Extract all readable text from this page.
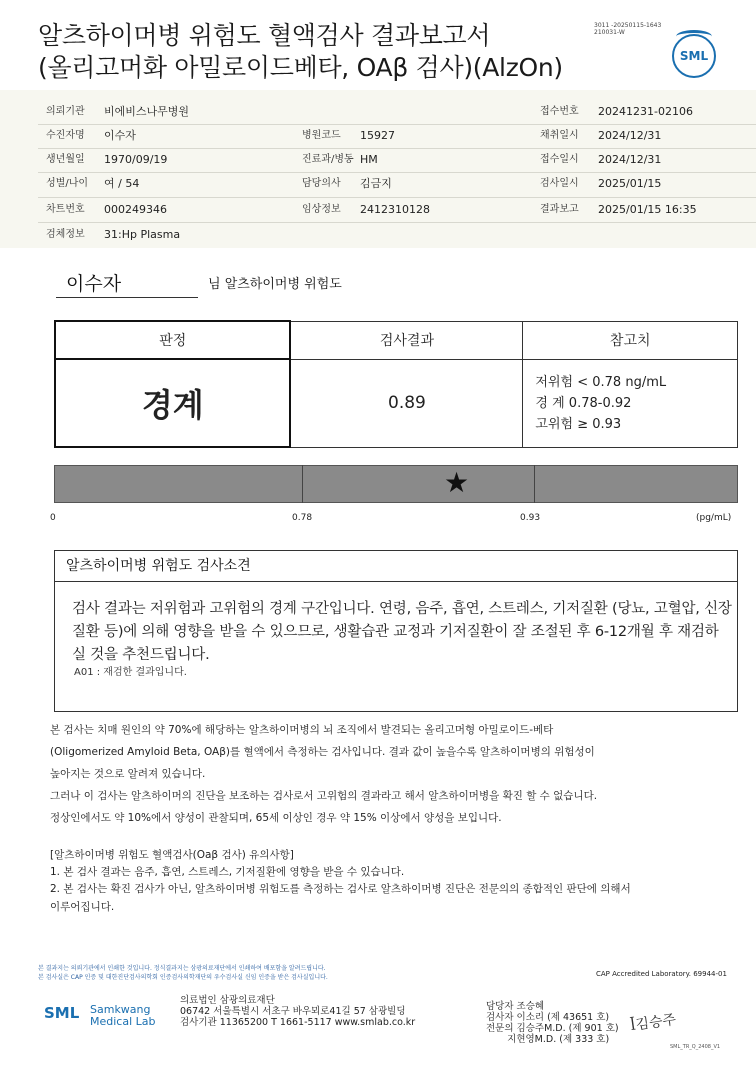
알츠하이머병 위험도 혈액검사 결과보고서
(올리고머화 아밀로이드베타, OAβ 검사)(AlzOn)
3011 -20250115-1643
210031-W
SML
의뢰기관 비에비스나무병원	접수번호 20241231-02106
수진자명 이수자	병원코드 15927	채취일시 2024/12/31
생년월일 1970/09/19	진료과/병동 HM	접수일시 2024/12/31
성별/나이 여 / 54	담당의사 김금지	검사일시 2025/01/15
차트번호 000249346	임상정보 2412310128	결과보고 2025/01/15 16:35
검체정보 31:Hp Plasma
이수자	님 알츠하이머병 위험도
판정	검사결과	참고치
경계	0.89	저위험 < 0.78 ng/mL
경 계 0.78-0.92
고위험 ≥ 0.93
★
0	0.78	0.93	(pg/mL)
알츠하이머병 위험도 검사소견
검사 결과는 저위험과 고위험의 경계 구간입니다. 연령, 음주, 흡연, 스트레스, 기저질환 (당뇨, 고혈압, 신장질환 등)에 의해 영향을 받을 수 있으므로, 생활습관 교정과 기저질환이 잘 조절된 후 6-12개월 후 재검하실 것을 추천드립니다.
A01 : 재검한 결과입니다.
본 검사는 치매 원인의 약 70%에 해당하는 알츠하이머병의 뇌 조직에서 발견되는 올리고머형 아밀로이드-베타
(Oligomerized Amyloid Beta, OAβ)를 혈액에서 측정하는 검사입니다. 결과 값이 높을수록 알츠하이머병의 위험성이
높아지는 것으로 알려져 있습니다.
그러나 이 검사는 알츠하이머의 진단을 보조하는 검사로서 고위험의 결과라고 해서 알츠하이머병을 확진 할 수 없습니다.
정상인에서도 약 10%에서 양성이 관찰되며, 65세 이상인 경우 약 15% 이상에서 양성을 보입니다.
[알츠하이머병 위험도 혈액검사(Oaβ 검사) 유의사항]
1. 본 검사 결과는 음주, 흡연, 스트레스, 기저질환에 영향을 받을 수 있습니다.
2. 본 검사는 확진 검사가 아닌, 알츠하이머병 위험도를 측정하는 검사로 알츠하이머병 진단은 전문의의 종합적인 판단에 의해서
이루어집니다.
본 결과지는 의뢰기관에서 인쇄한 것입니다. 정식결과지는 삼광의료재단에서 인쇄하여 배포함을 알려드립니다.
본 검사실은 CAP 인증 및 대한진단검사의학회 인증검사의학재단의 우수검사실 신임 인증을 받은 검사실입니다.	CAP Accredited Laboratory. 69944-01
SML Samkwang
Medical Lab
의료법인 삼광의료재단
06742 서울특별시 서초구 바우뫼로41길 57 삼광빌딩
검사기관 11365200 T 1661-5117 www.smlab.co.kr
담당자 조승혜
검사자 이소리 (제 43651 호)
전문의 김승주M.D. (제 901 호)
지현영M.D. (제 333 호)
ꟾ김승주
SML_TR_Q_2408_V1
